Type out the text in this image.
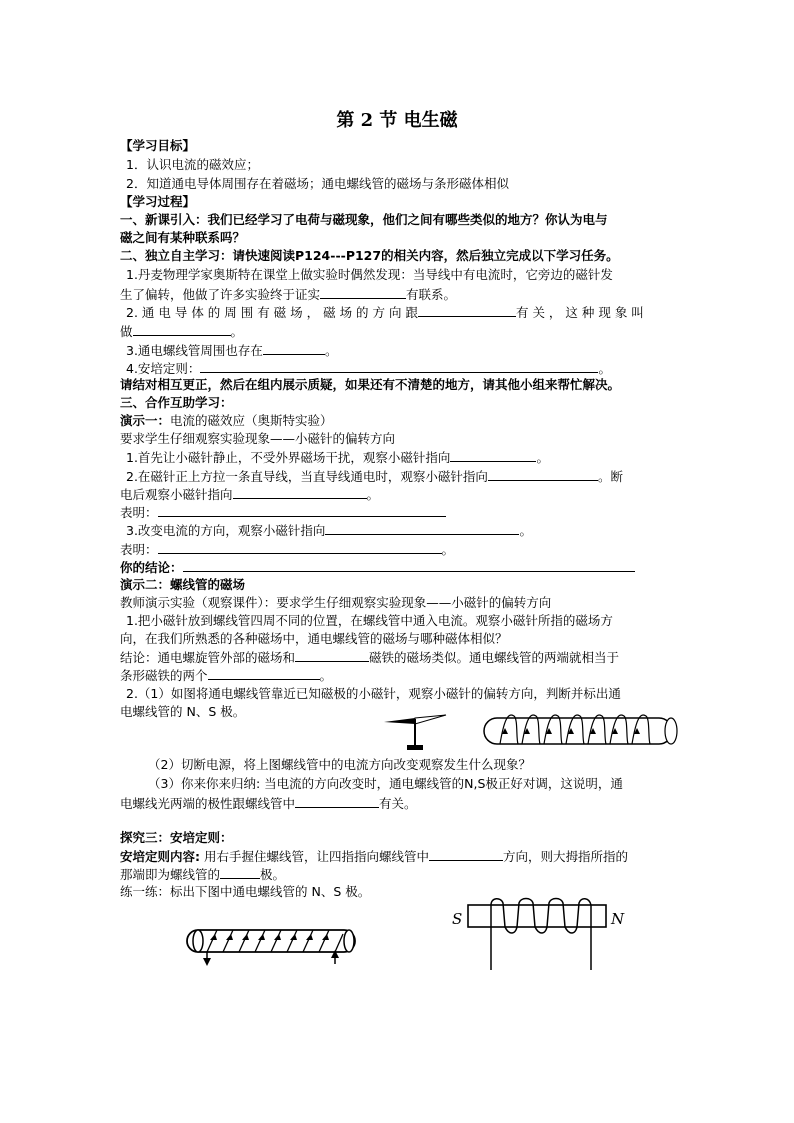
第 2 节 电生磁
【学习目标】
1．认识电流的磁效应；
2．知道通电导体周围存在着磁场；通电螺线管的磁场与条形磁体相似
【学习过程】
一、新课引入：我们已经学习了电荷与磁现象，他们之间有哪些类似的地方？你认为电与
磁之间有某种联系吗？
二、独立自主学习：请快速阅读P124---P127的相关内容，然后独立完成以下学习任务。
1.丹麦物理学家奥斯特在课堂上做实验时偶然发现：当导线中有电流时，它旁边的磁针发
生了偏转，他做了许多实验终于证实	有联系。
2. 通 电 导 体 的 周 围 有 磁 场 ， 磁 场 的 方 向 跟	有 关 ， 这 种 现 象 叫
做	。
3.通电螺线管周围也存在	。
4.安培定则：	。
请结对相互更正，然后在组内展示质疑，如果还有不清楚的地方，请其他小组来帮忙解决。
三、合作互助学习：
演示一：电流的磁效应（奥斯特实验）
要求学生仔细观察实验现象——小磁针的偏转方向
1.首先让小磁针静止，不受外界磁场干扰，观察小磁针指向	。
2.在磁针正上方拉一条直导线，当直导线通电时，观察小磁针指向	。断
电后观察小磁针指向	。
表明：
3.改变电流的方向，观察小磁针指向	。
表明：	。
你的结论：
演示二：螺线管的磁场
教师演示实验（观察课件）：要求学生仔细观察实验现象——小磁针的偏转方向
1.把小磁针放到螺线管四周不同的位置，在螺线管中通入电流。观察小磁针所指的磁场方
向，在我们所熟悉的各种磁场中，通电螺线管的磁场与哪种磁体相似？
结论：通电螺旋管外部的磁场和	磁铁的磁场类似。通电螺线管的两端就相当于
条形磁铁的两个	。
2.（1）如图将通电螺线管靠近已知磁极的小磁针，观察小磁针的偏转方向，判断并标出通
电螺线管的 N、S 极。
（2）切断电源，将上图螺线管中的电流方向改变观察发生什么现象？
（3）你来你来归纳: 当电流的方向改变时，通电螺线管的N,S极正好对调，这说明，通
电螺线光两端的极性跟螺线管中	有关。
探究三：安培定则：
安培定则内容: 用右手握住螺线管，让四指指向螺线管中	方向，则大拇指所指的
那端即为螺线管的	极。
练一练：标出下图中通电螺线管的 N、S 极。
S	N
